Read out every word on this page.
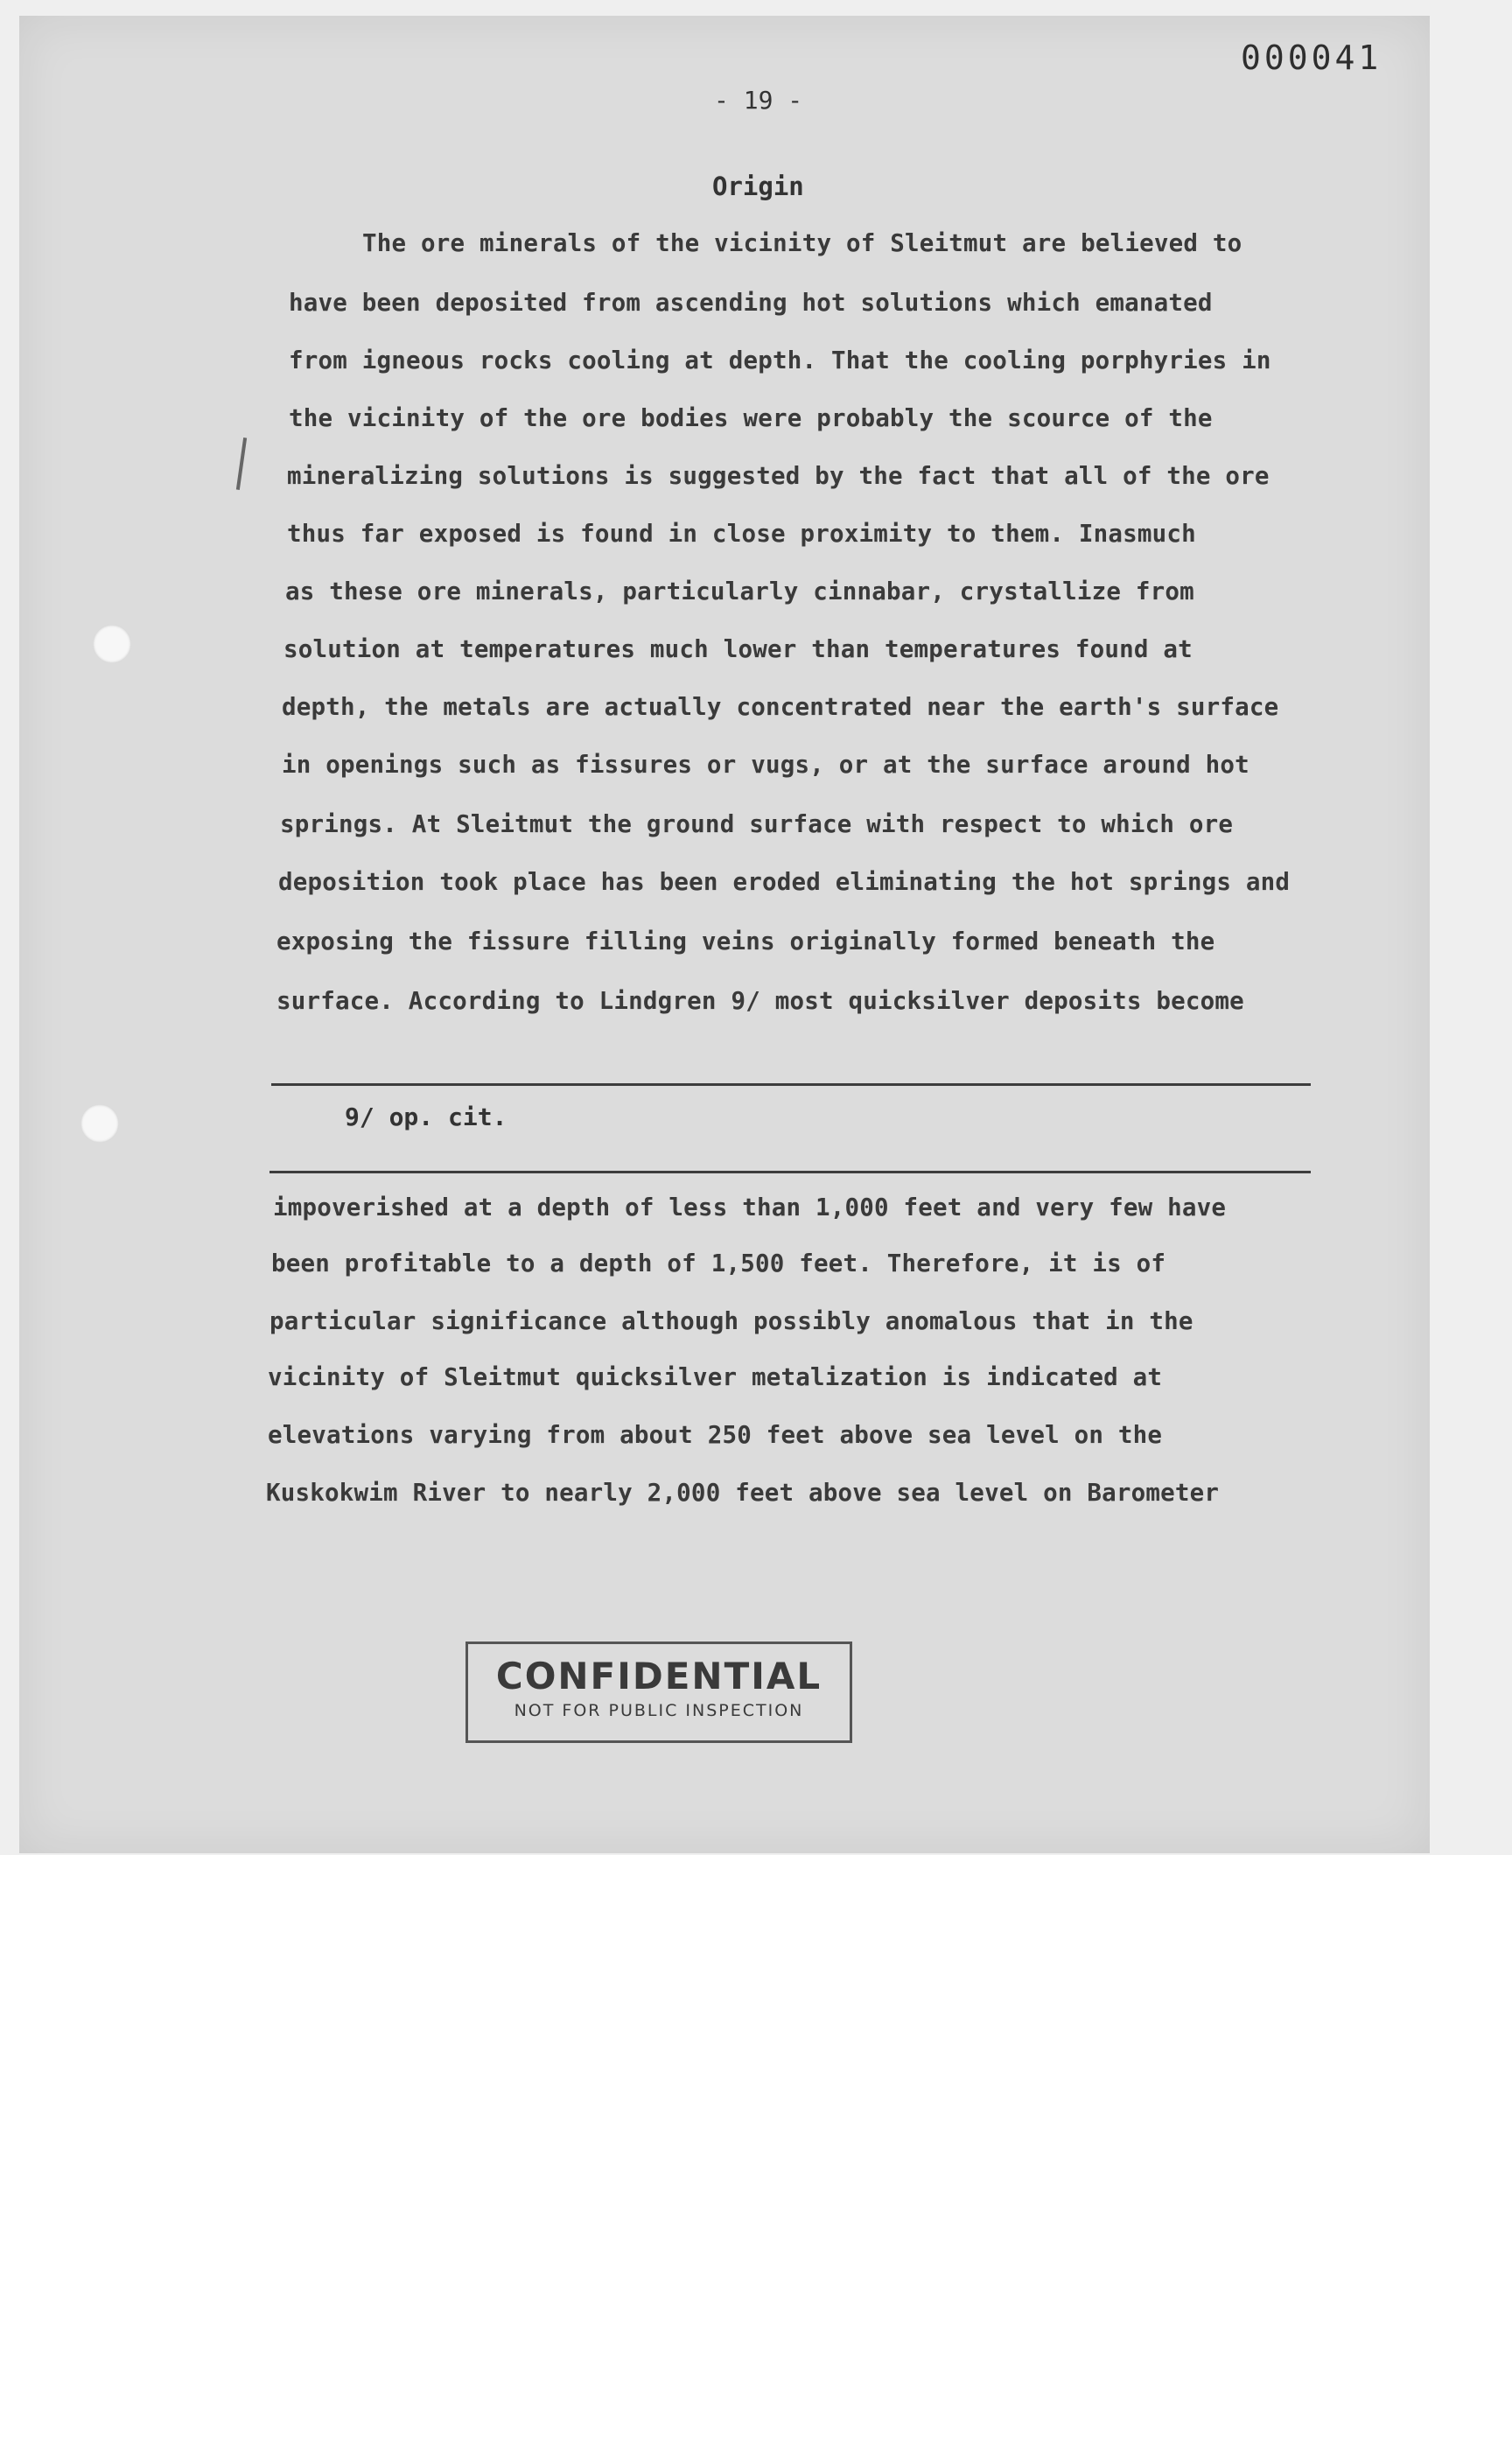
000041
- 19 -
Origin
The ore minerals of the vicinity of Sleitmut are believed to
have been deposited from ascending hot solutions which emanated
from igneous rocks cooling at depth. That the cooling porphyries in
the vicinity of the ore bodies were probably the scource of the
mineralizing solutions is suggested by the fact that all of the ore
thus far exposed is found in close proximity to them. Inasmuch
as these ore minerals, particularly cinnabar, crystallize from
solution at temperatures much lower than temperatures found at
depth, the metals are actually concentrated near the earth's surface
in openings such as fissures or vugs, or at the surface around hot
springs. At Sleitmut the ground surface with respect to which ore
deposition took place has been eroded eliminating the hot springs and
exposing the fissure filling veins originally formed beneath the
surface. According to Lindgren 9/ most quicksilver deposits become
9/ op. cit.
impoverished at a depth of less than 1,000 feet and very few have
been profitable to a depth of 1,500 feet. Therefore, it is of
particular significance although possibly anomalous that in the
vicinity of Sleitmut quicksilver metalization is indicated at
elevations varying from about 250 feet above sea level on the
Kuskokwim River to nearly 2,000 feet above sea level on Barometer
CONFIDENTIAL
NOT FOR PUBLIC INSPECTION
